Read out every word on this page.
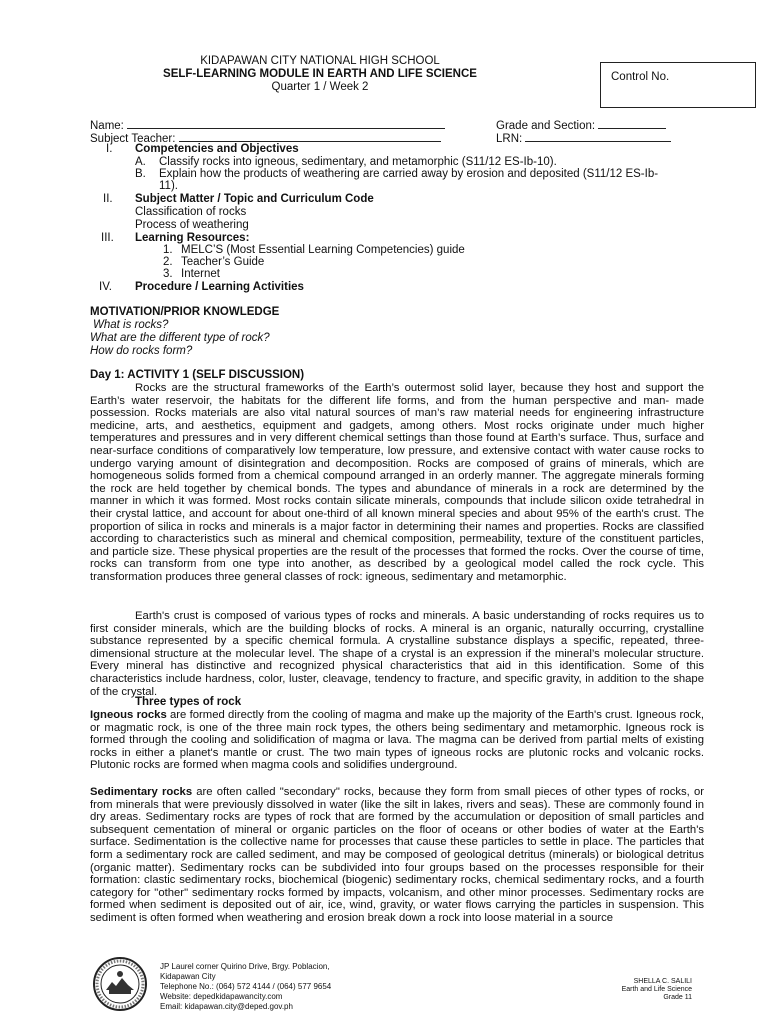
KIDAPAWAN CITY NATIONAL HIGH SCHOOL
SELF-LEARNING MODULE IN EARTH AND LIFE SCIENCE
Quarter 1 / Week 2
Control No.
Name:	Grade and Section:
Subject Teacher:	LRN:
I. Competencies and Objectives
A. Classify rocks into igneous, sedimentary, and metamorphic (S11/12 ES-Ib-10).
B. Explain how the products of weathering are carried away by erosion and deposited (S11/12 ES-Ib-
11).
II. Subject Matter / Topic and Curriculum Code
Classification of rocks
Process of weathering
III. Learning Resources:
1. MELC’S (Most Essential Learning Competencies) guide
2. Teacher’s Guide
3. Internet
IV. Procedure / Learning Activities
MOTIVATION/PRIOR KNOWLEDGE
What is rocks?
What are the different type of rock?
How do rocks form?
Day 1: ACTIVITY 1 (SELF DISCUSSION)
Rocks are the structural frameworks of the Earth’s outermost solid layer, because they host and support the Earth’s water reservoir, the habitats for the different life forms, and from the human perspective and man- made possession. Rocks materials are also vital natural sources of man’s raw material needs for engineering infrastructure medicine, arts, and aesthetics, equipment and gadgets, among others. Most rocks originate under much higher temperatures and pressures and in very different chemical settings than those found at Earth’s surface. Thus, surface and near-surface conditions of comparatively low temperature, low pressure, and extensive contact with water cause rocks to undergo varying amount of disintegration and decomposition. Rocks are composed of grains of minerals, which are homogeneous solids formed from a chemical compound arranged in an orderly manner. The aggregate minerals forming the rock are held together by chemical bonds. The types and abundance of minerals in a rock are determined by the manner in which it was formed. Most rocks contain silicate minerals, compounds that include silicon oxide tetrahedral in their crystal lattice, and account for about one-third of all known mineral species and about 95% of the earth's crust. The proportion of silica in rocks and minerals is a major factor in determining their names and properties. Rocks are classified according to characteristics such as mineral and chemical composition, permeability, texture of the constituent particles, and particle size. These physical properties are the result of the processes that formed the rocks. Over the course of time, rocks can transform from one type into another, as described by a geological model called the rock cycle. This transformation produces three general classes of rock: igneous, sedimentary and metamorphic.
Earth's crust is composed of various types of rocks and minerals. A basic understanding of rocks requires us to first consider minerals, which are the building blocks of rocks. A mineral is an organic, naturally occurring, crystalline substance represented by a specific chemical formula. A crystalline substance displays a specific, repeated, three-dimensional structure at the molecular level. The shape of a crystal is an expression if the mineral’s molecular structure. Every mineral has distinctive and recognized physical characteristics that aid in this identification. Some of this characteristics include hardness, color, luster, cleavage, tendency to fracture, and specific gravity, in addition to the shape of the crystal.
Three types of rock
Igneous rocks are formed directly from the cooling of magma and make up the majority of the Earth's crust. Igneous rock, or magmatic rock, is one of the three main rock types, the others being sedimentary and metamorphic. Igneous rock is formed through the cooling and solidification of magma or lava. The magma can be derived from partial melts of existing rocks in either a planet's mantle or crust. The two main types of igneous rocks are plutonic rocks and volcanic rocks. Plutonic rocks are formed when magma cools and solidifies underground.
Sedimentary rocks are often called "secondary" rocks, because they form from small pieces of other types of rocks, or from minerals that were previously dissolved in water (like the silt in lakes, rivers and seas). These are commonly found in dry areas. Sedimentary rocks are types of rock that are formed by the accumulation or deposition of small particles and subsequent cementation of mineral or organic particles on the floor of oceans or other bodies of water at the Earth's surface. Sedimentation is the collective name for processes that cause these particles to settle in place. The particles that form a sedimentary rock are called sediment, and may be composed of geological detritus (minerals) or biological detritus (organic matter). Sedimentary rocks can be subdivided into four groups based on the processes responsible for their formation: clastic sedimentary rocks, biochemical (biogenic) sedimentary rocks, chemical sedimentary rocks, and a fourth category for "other" sedimentary rocks formed by impacts, volcanism, and other minor processes. Sedimentary rocks are formed when sediment is deposited out of air, ice, wind, gravity, or water flows carrying the particles in suspension. This sediment is often formed when weathering and erosion break down a rock into loose material in a source
JP Laurel corner Quirino Drive, Brgy. Poblacion,
Kidapawan City
Telephone No.: (064) 572 4144 / (064) 577 9654
Website: depedkidapawancity.com
Email: kidapawan.city@deped.gov.ph
SHELLA C. SALILI
Earth and Life Science
Grade 11
